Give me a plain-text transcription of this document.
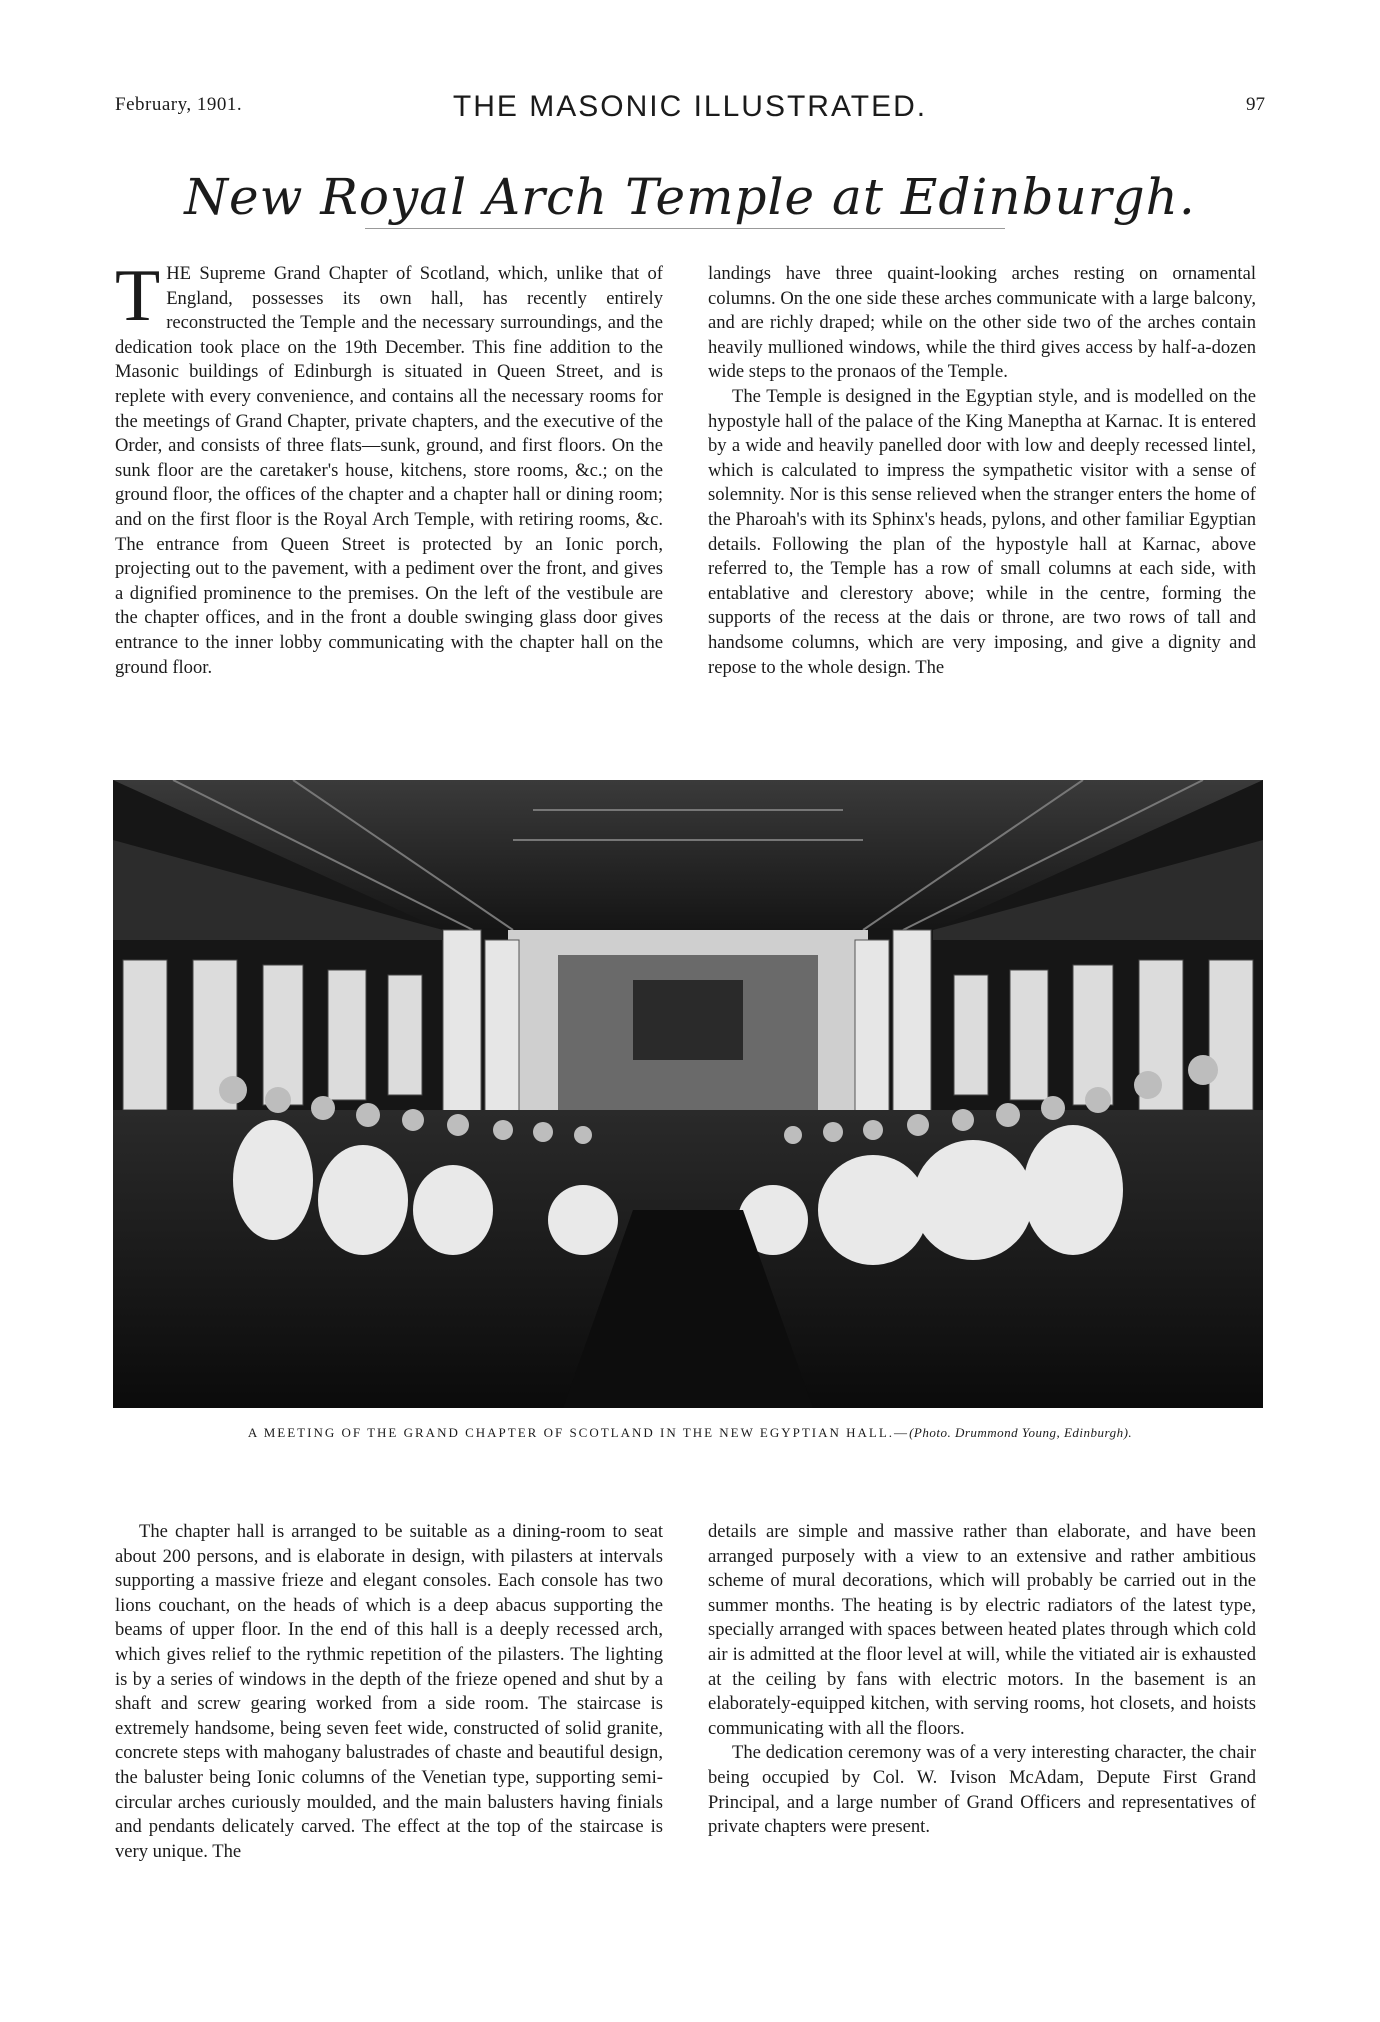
February, 1901.	THE MASONIC ILLUSTRATED.	97
New Royal Arch Temple at Edinburgh.

THE Supreme Grand Chapter of Scotland, which, unlike that of England, possesses its own hall, has recently entirely reconstructed the Temple and the necessary surroundings, and the dedication took place on the 19th December. This fine addition to the Masonic buildings of Edinburgh is situated in Queen Street, and is replete with every convenience, and contains all the necessary rooms for the meetings of Grand Chapter, private chapters, and the executive of the Order, and consists of three flats—sunk, ground, and first floors. On the sunk floor are the caretaker's house, kitchens, store rooms, &c.; on the ground floor, the offices of the chapter and a chapter hall or dining room; and on the first floor is the Royal Arch Temple, with retiring rooms, &c. The entrance from Queen Street is protected by an Ionic porch, projecting out to the pavement, with a pediment over the front, and gives a dignified prominence to the premises. On the left of the vestibule are the chapter offices, and in the front a double swinging glass door gives entrance to the inner lobby communicating with the chapter hall on the ground floor.

landings have three quaint-looking arches resting on ornamental columns. On the one side these arches communicate with a large balcony, and are richly draped; while on the other side two of the arches contain heavily mullioned windows, while the third gives access by half-a-dozen wide steps to the pronaos of the Temple.

The Temple is designed in the Egyptian style, and is modelled on the hypostyle hall of the palace of the King Maneptha at Karnac. It is entered by a wide and heavily panelled door with low and deeply recessed lintel, which is calculated to impress the sympathetic visitor with a sense of solemnity. Nor is this sense relieved when the stranger enters the home of the Pharoah's with its Sphinx's heads, pylons, and other familiar Egyptian details. Following the plan of the hypostyle hall at Karnac, above referred to, the Temple has a row of small columns at each side, with entablative and clerestory above; while in the centre, forming the supports of the recess at the dais or throne, are two rows of tall and handsome columns, which are very imposing, and give a dignity and repose to the whole design. The

A MEETING OF THE GRAND CHAPTER OF SCOTLAND IN THE NEW EGYPTIAN HALL.—(Photo. Drummond Young, Edinburgh).

The chapter hall is arranged to be suitable as a dining-room to seat about 200 persons, and is elaborate in design, with pilasters at intervals supporting a massive frieze and elegant consoles. Each console has two lions couchant, on the heads of which is a deep abacus supporting the beams of upper floor. In the end of this hall is a deeply recessed arch, which gives relief to the rythmic repetition of the pilasters. The lighting is by a series of windows in the depth of the frieze opened and shut by a shaft and screw gearing worked from a side room. The staircase is extremely handsome, being seven feet wide, constructed of solid granite, concrete steps with mahogany balustrades of chaste and beautiful design, the baluster being Ionic columns of the Venetian type, supporting semi-circular arches curiously moulded, and the main balusters having finials and pendants delicately carved. The effect at the top of the staircase is very unique. The

details are simple and massive rather than elaborate, and have been arranged purposely with a view to an extensive and rather ambitious scheme of mural decorations, which will probably be carried out in the summer months. The heating is by electric radiators of the latest type, specially arranged with spaces between heated plates through which cold air is admitted at the floor level at will, while the vitiated air is exhausted at the ceiling by fans with electric motors. In the basement is an elaborately-equipped kitchen, with serving rooms, hot closets, and hoists communicating with all the floors.

The dedication ceremony was of a very interesting character, the chair being occupied by Col. W. Ivison McAdam, Depute First Grand Principal, and a large number of Grand Officers and representatives of private chapters were present.
